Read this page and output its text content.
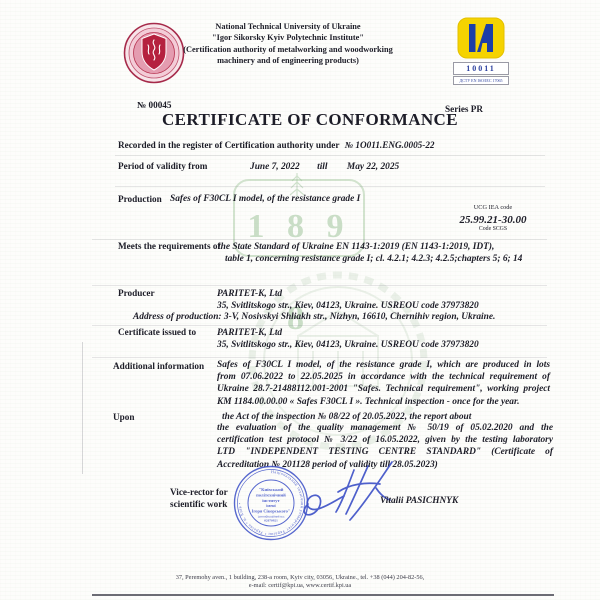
1 8 9 8
National Technical University of Ukraine
"Igor Sikorsky Kyiv Polytechnic Institute"
(Certification authority of metalworking and woodworking
machinery and of engineering products)
10011
ДСТУ EN ISO/IEC 17065
№ 00045	Series PR
CERTIFICATE OF CONFORMANCE
Recorded in the register of Certification authority under № 1O011.ENG.0005-22
Period of validity from	June 7, 2022 till May 22, 2025
Production Safes of F30CL I model, of the resistance grade I
UCG IEA code
25.99.21-30.00
Code SCGS
Meets the requirements of
the State Standard of Ukraine EN 1143-1:2019 (EN 1143-1:2019, IDT),
table 1, concerning resistance grade I; cl. 4.2.1; 4.2.3; 4.2.5;chapters 5; 6; 14
Producer	PARITET-K, Ltd
35, Svitlitskogo str., Kiev, 04123, Ukraine. USREOU code 37973820
Address of production: 3-V, Nosivskyi Shliakh str., Nizhyn, 16610, Chernihiv region, Ukraine.
Certificate issued to PARITET-K, Ltd
35, Svitlitskogo str., Kiev, 04123, Ukraine. USREOU code 37973820
Additional information Safes of F30CL I model, of the resistance grade I, which are produced in lots
from 07.06.2022 to 22.05.2025 in accordance with the technical requirement of
Ukraine 28.7-21488112.001-2001 "Safes. Technical requirement", working project
KM 1184.00.00.00 « Safes F30CL I ». Technical inspection - once for the year.
Upon	the Act of the inspection № 08/22 of 20.05.2022, the report about
the evaluation of the quality management № 50/19 of 05.02.2020 and the
certification test protocol № 3/22 of 16.05.2022, given by the testing laboratory
LTD "INDEPENDENT TESTING CENTRE STANDARD" (Certificate of
Accreditation № 201128 period of validity till 28.05.2023)
Vice-rector for
scientific work
Національний технічний університет України • Україна • м. Київ •
"Київський
політехнічний
інститут
імені
Ігоря Сікорського"
ідентифікаційний код
02070921
Vitalii PASICHNYK
37, Peremohy aven., 1 building, 238-a room, Kyiv city, 03056, Ukraine., tel. +38 (044) 204-82-56,
e-mail: certif@kpi.ua, www.certif.kpi.ua
